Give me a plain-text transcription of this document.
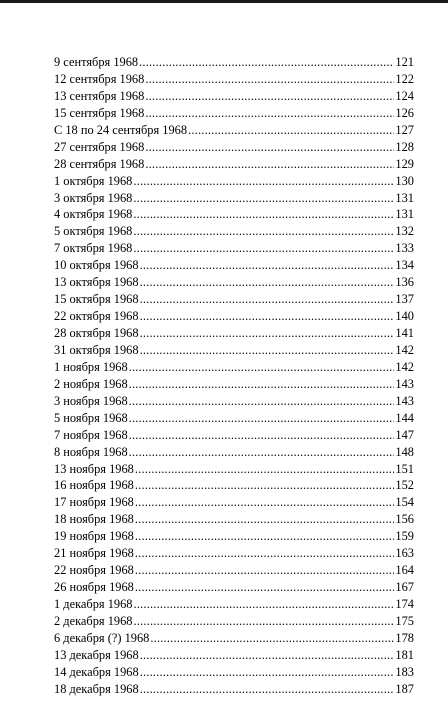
9 сентября 1968 .....	121
12 сентября 1968 .....	122
13 сентября 1968 .....	124
15 сентября 1968 .....	126
С 18 по 24 сентября 1968 .....	127
27 сентября 1968 .....	128
28 сентября 1968 .....	129
1 октября 1968 .....	130
3 октября 1968 .....	131
4 октября 1968 .....	131
5 октября 1968 .....	132
7 октября 1968 .....	133
10 октября 1968 .....	134
13 октября 1968 .....	136
15 октября 1968 .....	137
22 октября 1968 .....	140
28 октября 1968 .....	141
31 октября 1968 .....	142
1 ноября 1968 .....	142
2 ноября 1968 .....	143
3 ноября 1968 .....	143
5 ноября 1968 .....	144
7 ноября 1968 .....	147
8 ноября 1968 .....	148
13 ноября 1968 .....	151
16 ноября 1968 .....	152
17 ноября 1968 .....	154
18 ноября 1968 .....	156
19 ноября 1968 .....	159
21 ноября 1968 .....	163
22 ноября 1968 .....	164
26 ноября 1968 .....	167
1 декабря 1968 .....	174
2 декабря 1968 .....	175
6 декабря (?) 1968 .....	178
13 декабря 1968 .....	181
14 декабря 1968 .....	183
18 декабря 1968 .....	187
